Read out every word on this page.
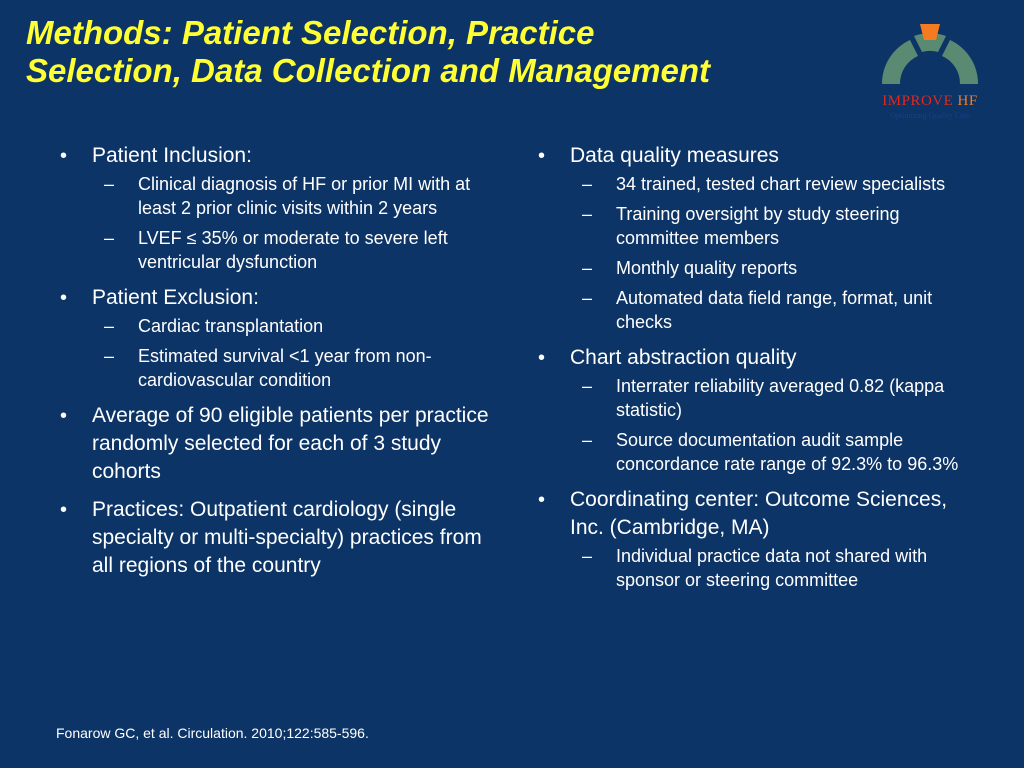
Methods: Patient Selection, Practice
Selection, Data Collection and Management
IMPROVE HF
Optimizing Quality Care
• Patient Inclusion:
– Clinical diagnosis of HF or prior MI with at least 2 prior clinic visits within 2 years
– LVEF ≤ 35% or moderate to severe left ventricular dysfunction
• Patient Exclusion:
– Cardiac transplantation
– Estimated survival <1 year from non-cardiovascular condition
• Average of 90 eligible patients per practice randomly selected for each of 3 study cohorts
• Practices: Outpatient cardiology (single specialty or multi-specialty) practices from all regions of the country
• Data quality measures
– 34 trained, tested chart review specialists
– Training oversight by study steering committee members
– Monthly quality reports
– Automated data field range, format, unit checks
• Chart abstraction quality
– Interrater reliability averaged 0.82 (kappa statistic)
– Source documentation audit sample concordance rate range of 92.3% to 96.3%
• Coordinating center: Outcome Sciences, Inc. (Cambridge, MA)
– Individual practice data not shared with sponsor or steering committee
Fonarow GC, et al. Circulation. 2010;122:585-596.
